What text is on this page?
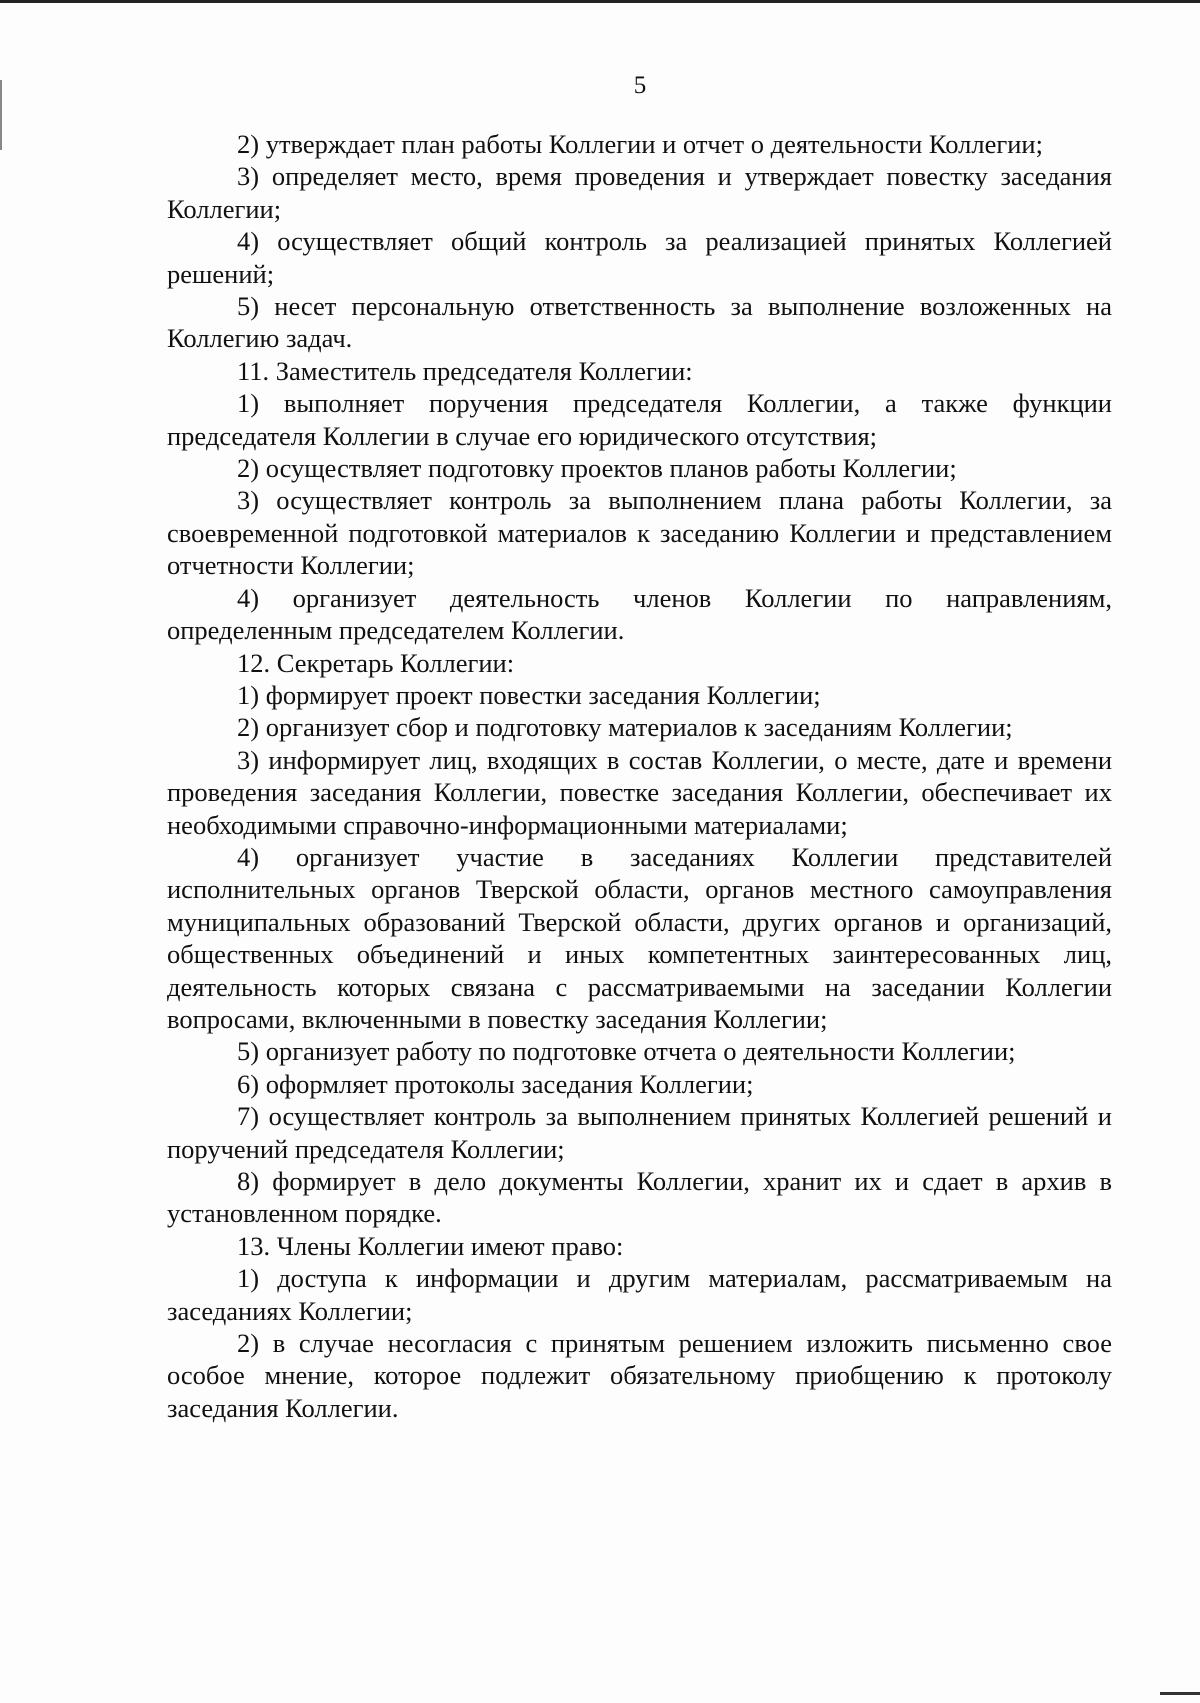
5

2) утверждает план работы Коллегии и отчет о деятельности Коллегии;

3) определяет место, время проведения и утверждает повестку заседания Коллегии;

4) осуществляет общий контроль за реализацией принятых Коллегией решений;

5) несет персональную ответственность за выполнение возложенных на Коллегию задач.

11. Заместитель председателя Коллегии:

1) выполняет поручения председателя Коллегии, а также функции председателя Коллегии в случае его юридического отсутствия;

2) осуществляет подготовку проектов планов работы Коллегии;

3) осуществляет контроль за выполнением плана работы Коллегии, за своевременной подготовкой материалов к заседанию Коллегии и представлением отчетности Коллегии;

4) организует деятельность членов Коллегии по направлениям, определенным председателем Коллегии.

12. Секретарь Коллегии:

1) формирует проект повестки заседания Коллегии;

2) организует сбор и подготовку материалов к заседаниям Коллегии;

3) информирует лиц, входящих в состав Коллегии, о месте, дате и времени проведения заседания Коллегии, повестке заседания Коллегии, обеспечивает их необходимыми справочно-информационными материалами;

4) организует участие в заседаниях Коллегии представителей исполнительных органов Тверской области, органов местного самоуправления муниципальных образований Тверской области, других органов и организаций, общественных объединений и иных компетентных заинтересованных лиц, деятельность которых связана с рассматриваемыми на заседании Коллегии вопросами, включенными в повестку заседания Коллегии;

5) организует работу по подготовке отчета о деятельности Коллегии;

6) оформляет протоколы заседания Коллегии;

7) осуществляет контроль за выполнением принятых Коллегией решений и поручений председателя Коллегии;

8) формирует в дело документы Коллегии, хранит их и сдает в архив в установленном порядке.

13. Члены Коллегии имеют право:

1) доступа к информации и другим материалам, рассматриваемым на заседаниях Коллегии;

2) в случае несогласия с принятым решением изложить письменно свое особое мнение, которое подлежит обязательному приобщению к протоколу заседания Коллегии.
